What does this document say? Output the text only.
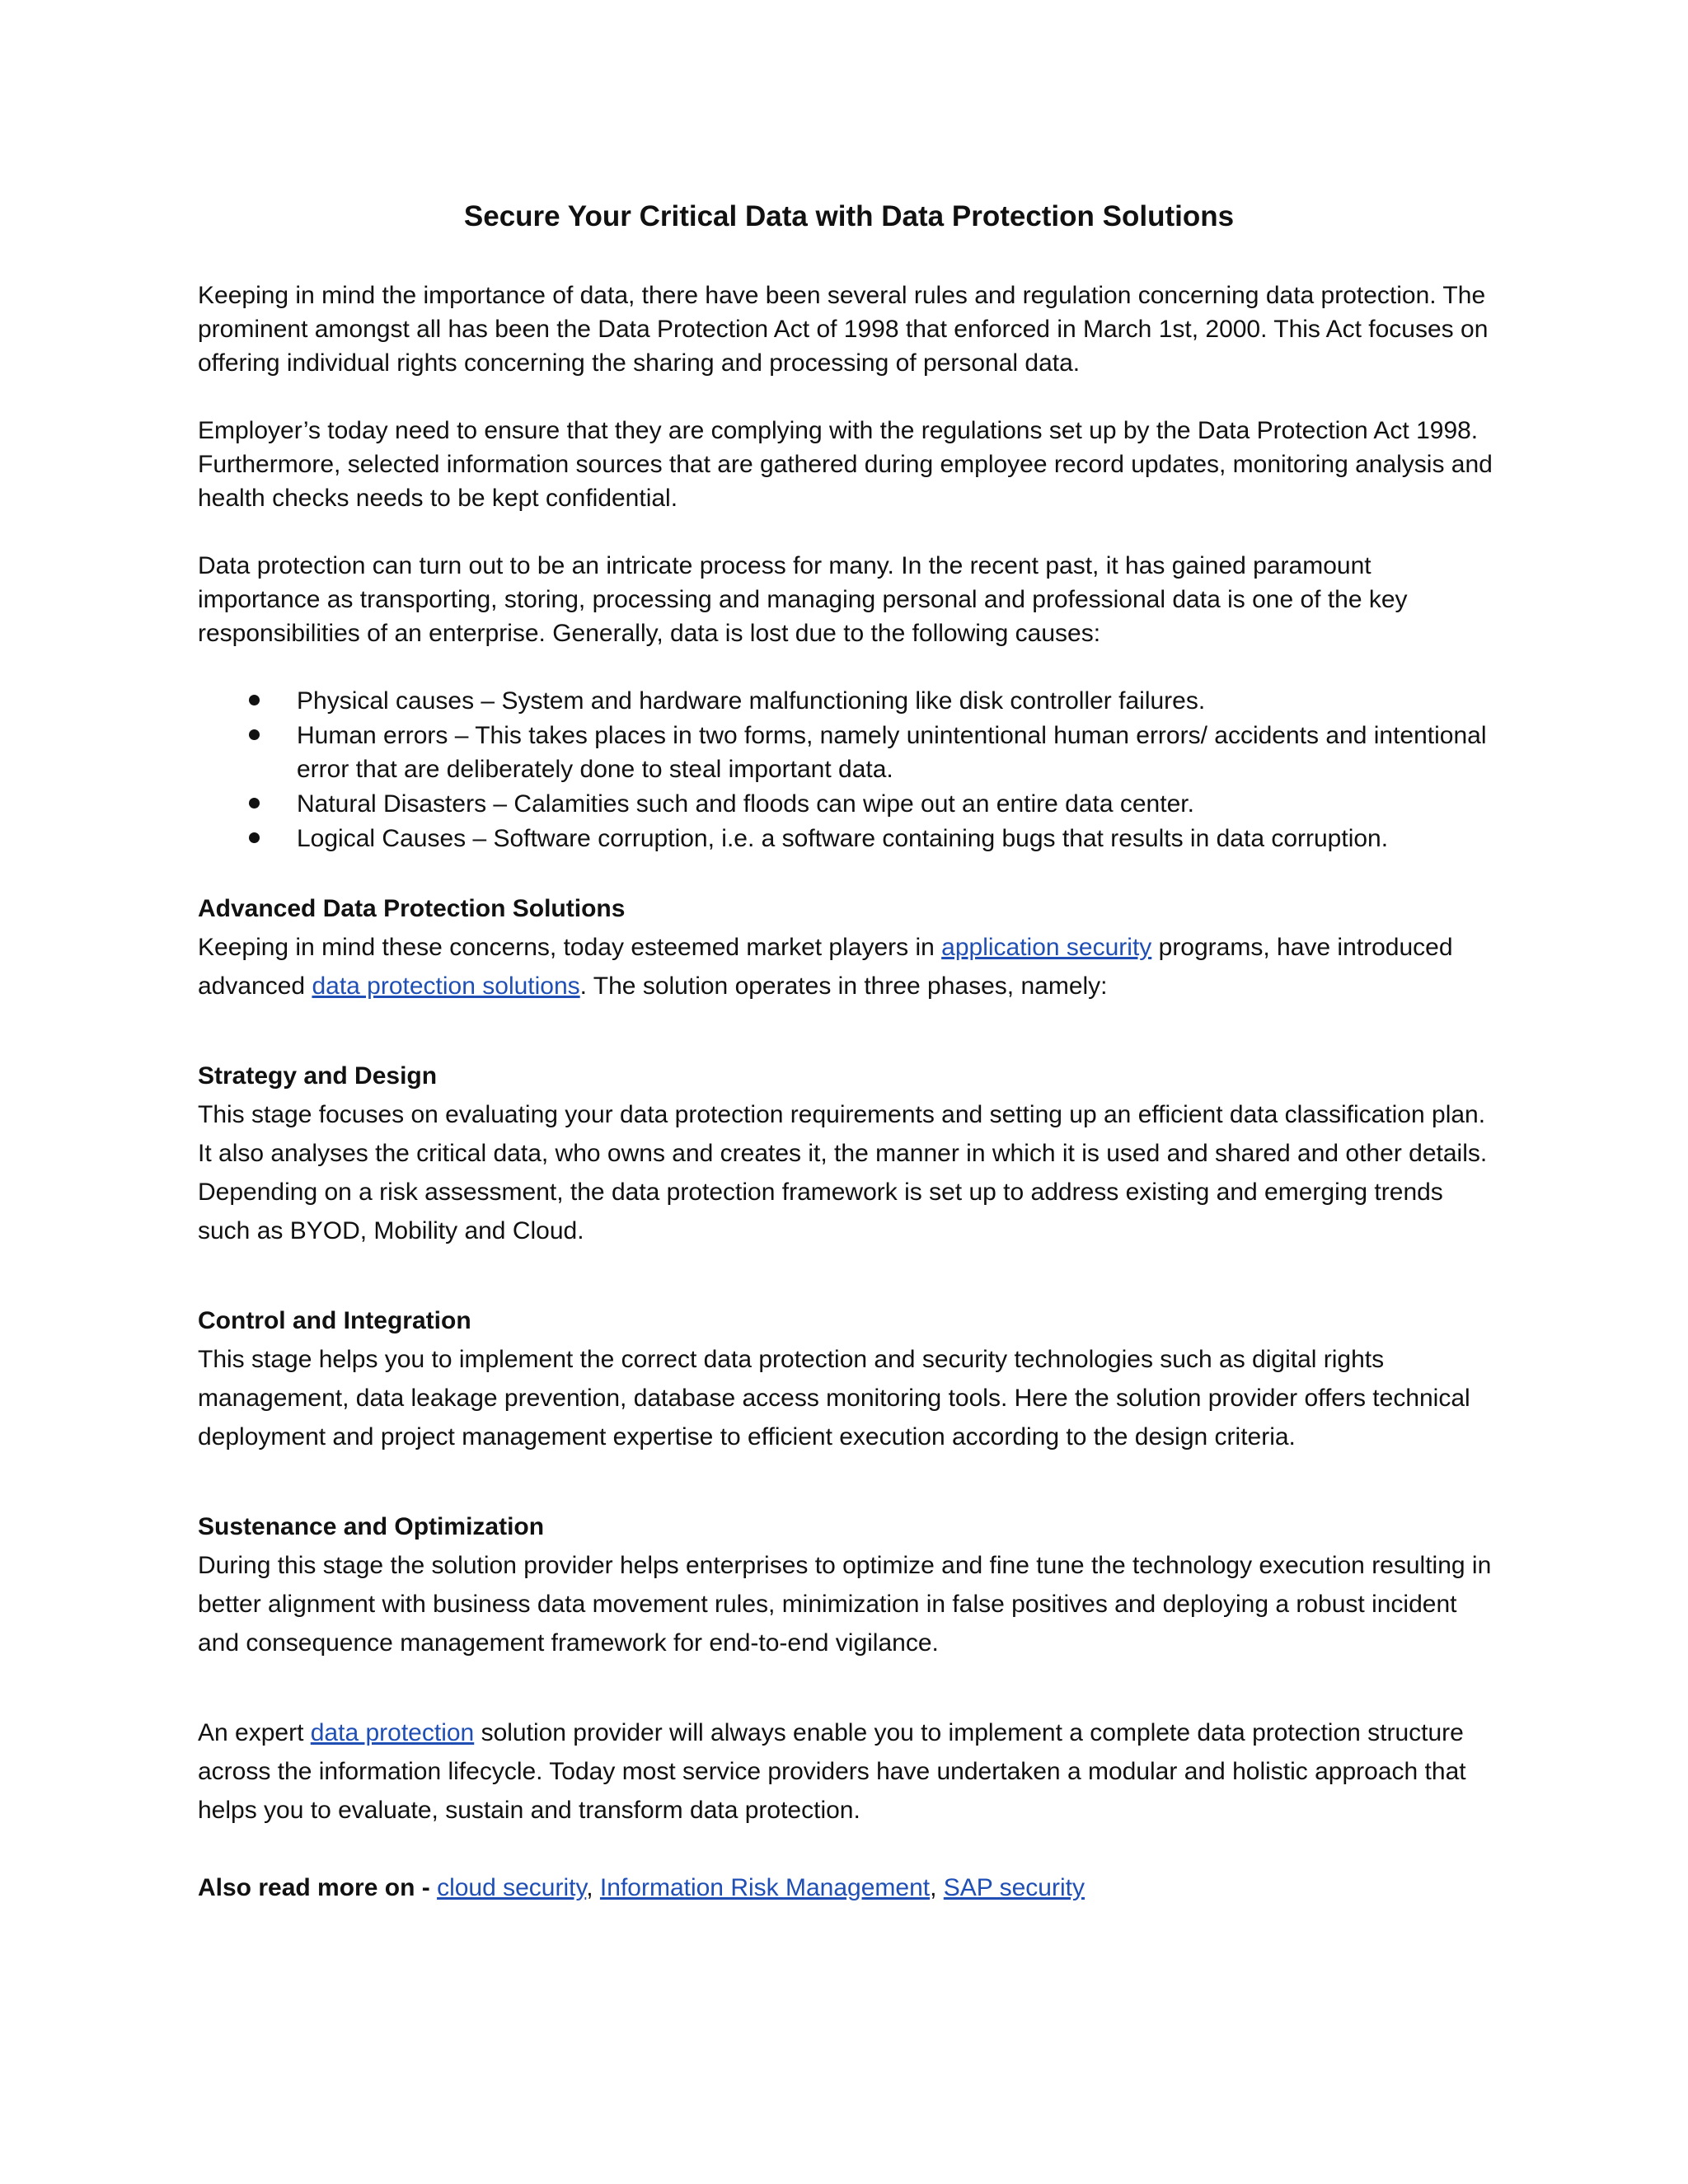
Secure Your Critical Data with Data Protection Solutions

Keeping in mind the importance of data, there have been several rules and regulation concerning data protection. The prominent amongst all has been the Data Protection Act of 1998 that enforced in March 1st, 2000. This Act focuses on offering individual rights concerning the sharing and processing of personal data.

Employer’s today need to ensure that they are complying with the regulations set up by the Data Protection Act 1998. Furthermore, selected information sources that are gathered during employee record updates, monitoring analysis and health checks needs to be kept confidential.

Data protection can turn out to be an intricate process for many. In the recent past, it has gained paramount importance as transporting, storing, processing and managing personal and professional data is one of the key responsibilities of an enterprise. Generally, data is lost due to the following causes:

Physical causes – System and hardware malfunctioning like disk controller failures.
Human errors – This takes places in two forms, namely unintentional human errors/ accidents and intentional error that are deliberately done to steal important data.
Natural Disasters – Calamities such and floods can wipe out an entire data center.
Logical Causes – Software corruption, i.e. a software containing bugs that results in data corruption.
Advanced Data Protection Solutions
Keeping in mind these concerns, today esteemed market players in application security programs, have introduced advanced data protection solutions. The solution operates in three phases, namely:
Strategy and Design
This stage focuses on evaluating your data protection requirements and setting up an efficient data classification plan. It also analyses the critical data, who owns and creates it, the manner in which it is used and shared and other details. Depending on a risk assessment, the data protection framework is set up to address existing and emerging trends such as BYOD, Mobility and Cloud.
Control and Integration
This stage helps you to implement the correct data protection and security technologies such as digital rights management, data leakage prevention, database access monitoring tools. Here the solution provider offers technical deployment and project management expertise to efficient execution according to the design criteria.
Sustenance and Optimization
During this stage the solution provider helps enterprises to optimize and fine tune the technology execution resulting in better alignment with business data movement rules, minimization in false positives and deploying a robust incident and consequence management framework for end-to-end vigilance.
An expert data protection solution provider will always enable you to implement a complete data protection structure across the information lifecycle. Today most service providers have undertaken a modular and holistic approach that helps you to evaluate, sustain and transform data protection.
Also read more on - cloud security, Information Risk Management, SAP security
